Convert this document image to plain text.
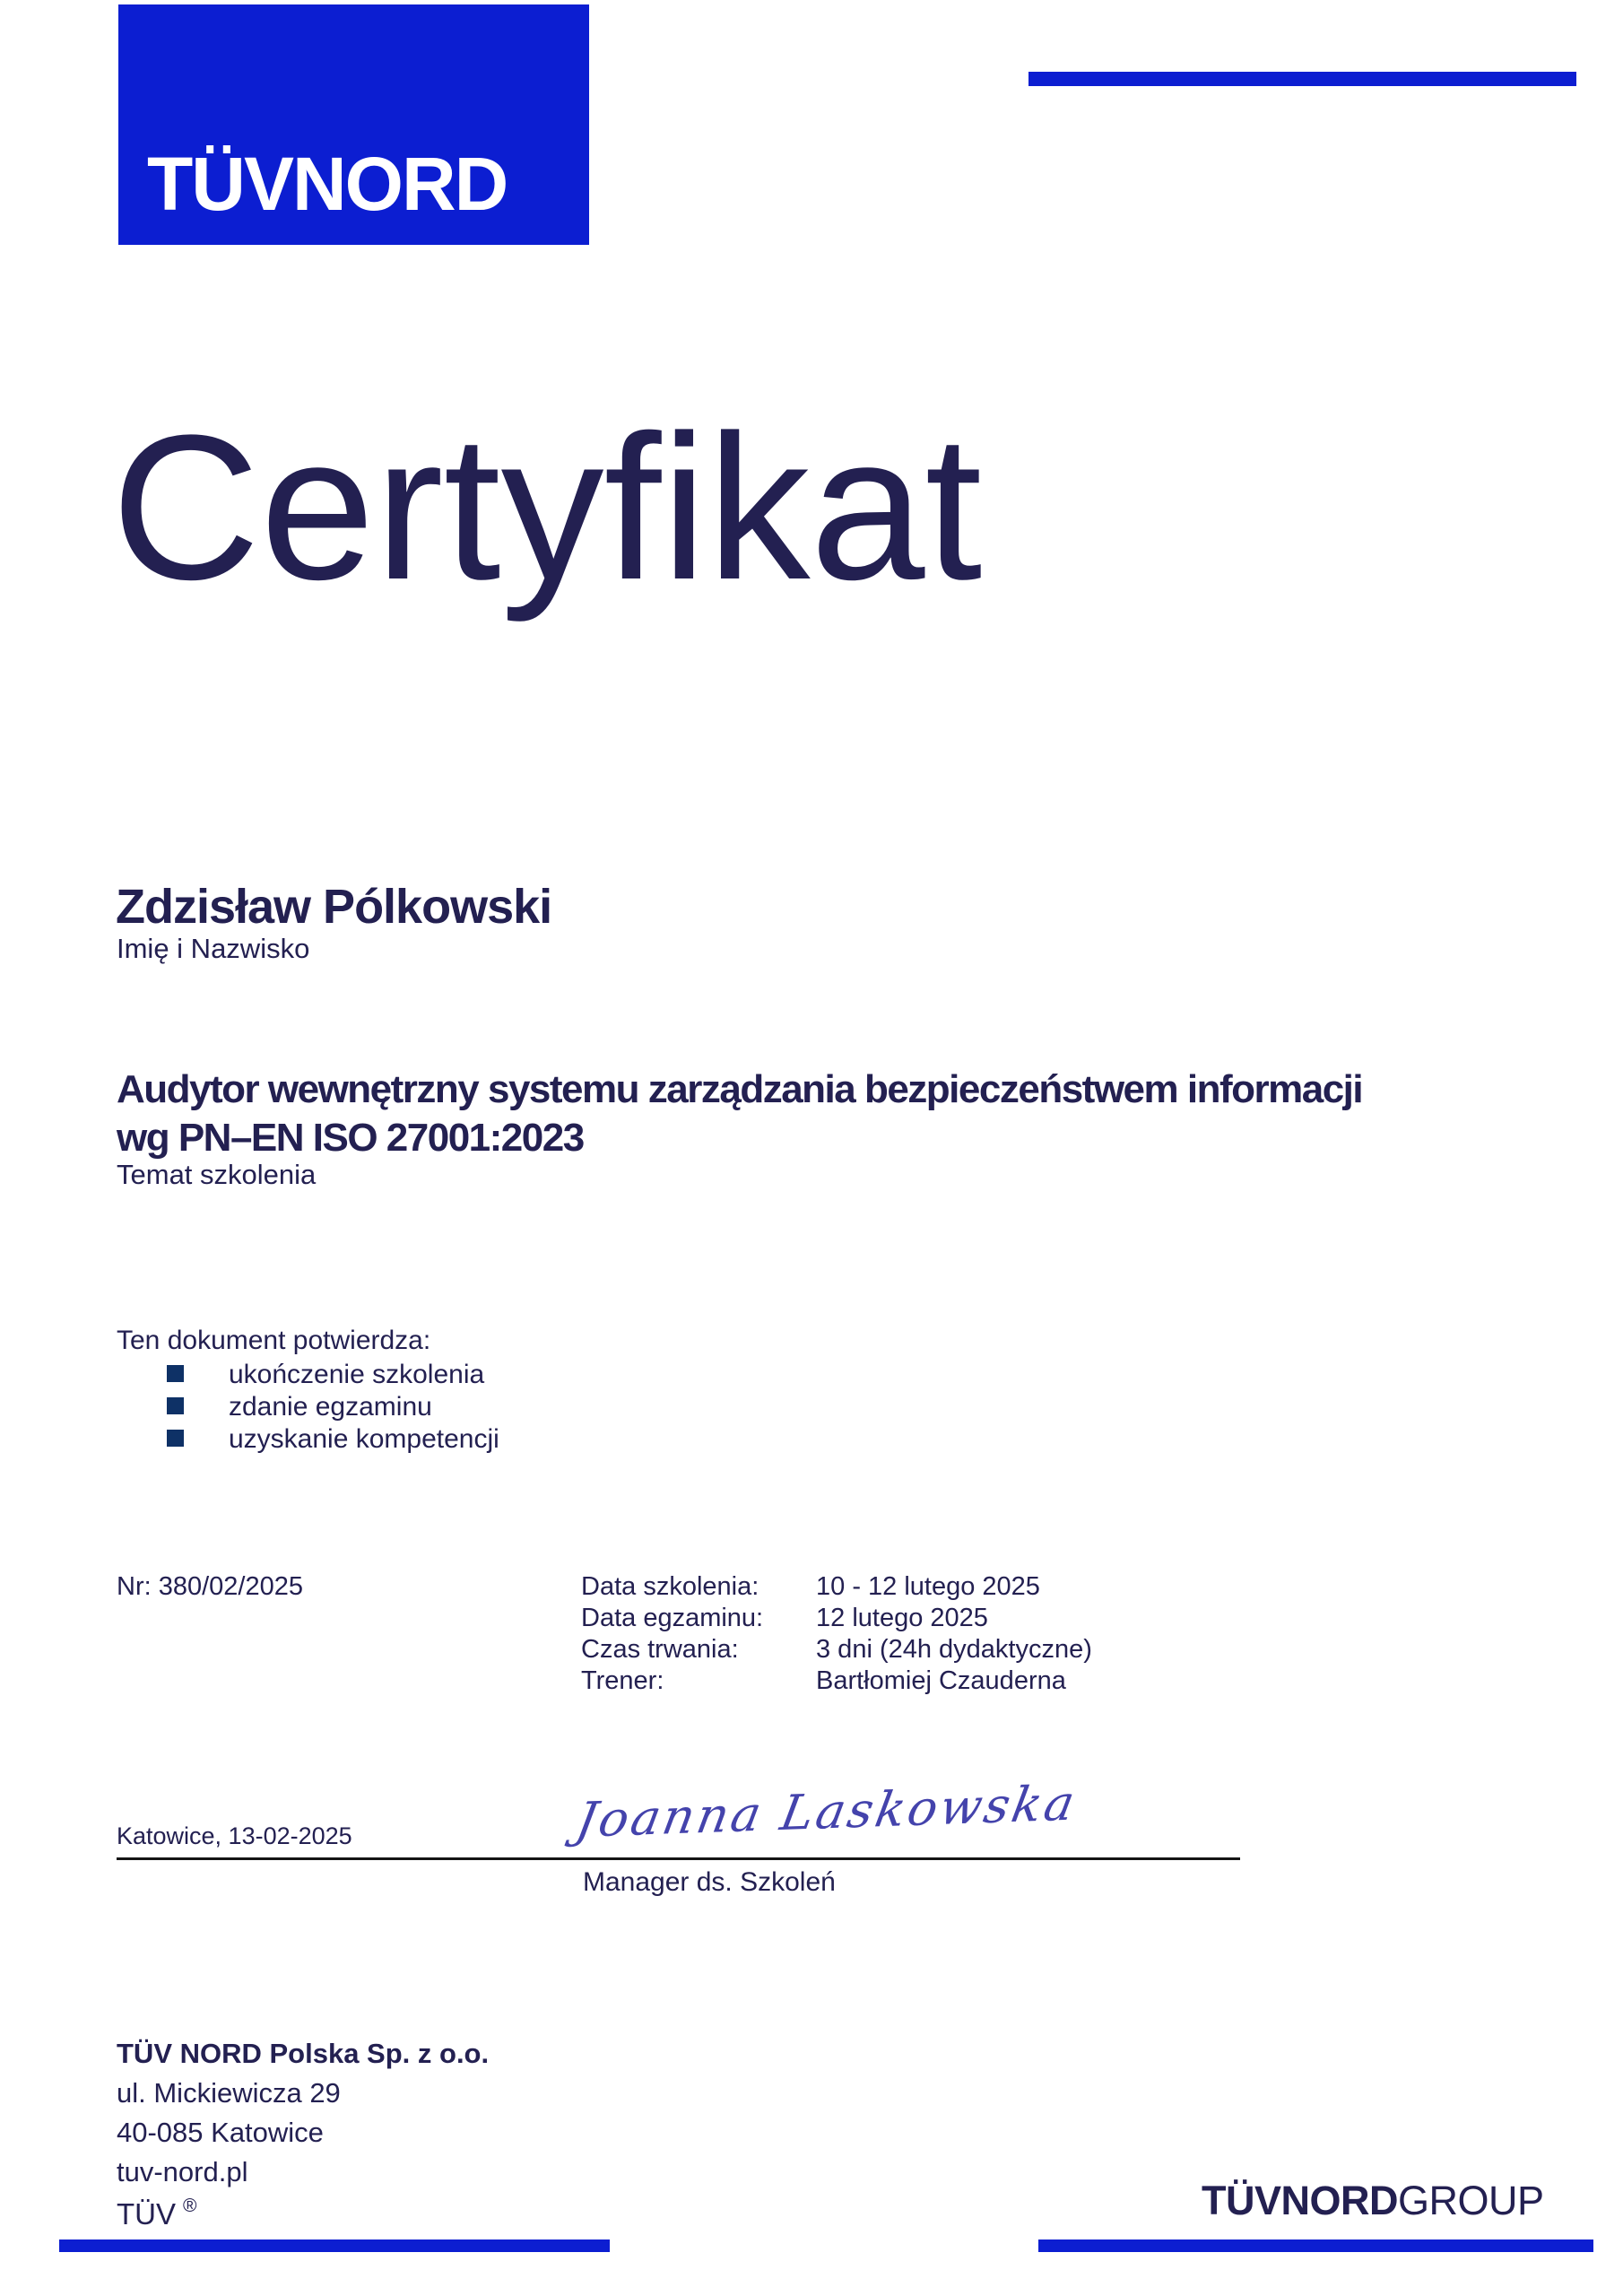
TÜVNORD
Certyfikat
Zdzisław Pólkowski
Imię i Nazwisko
Audytor wewnętrzny systemu zarządzania bezpieczeństwem informacji
wg PN–EN ISO 27001:2023
Temat szkolenia
Ten dokument potwierdza:
ukończenie szkolenia
zdanie egzaminu
uzyskanie kompetencji
Nr: 380/02/2025	Data szkolenia: 10 - 12 lutego 2025
Data egzaminu: 12 lutego 2025
Czas trwania:	3 dni (24h dydaktyczne)
Trener:	Bartłomiej Czauderna
Katowice, 13-02-2025	Joanna Laskowska
Manager ds. Szkoleń
TÜV NORD Polska Sp. z o.o.
ul. Mickiewicza 29
40-085 Katowice
tuv-nord.pl
TÜV ®	TÜVNORDGROUP
